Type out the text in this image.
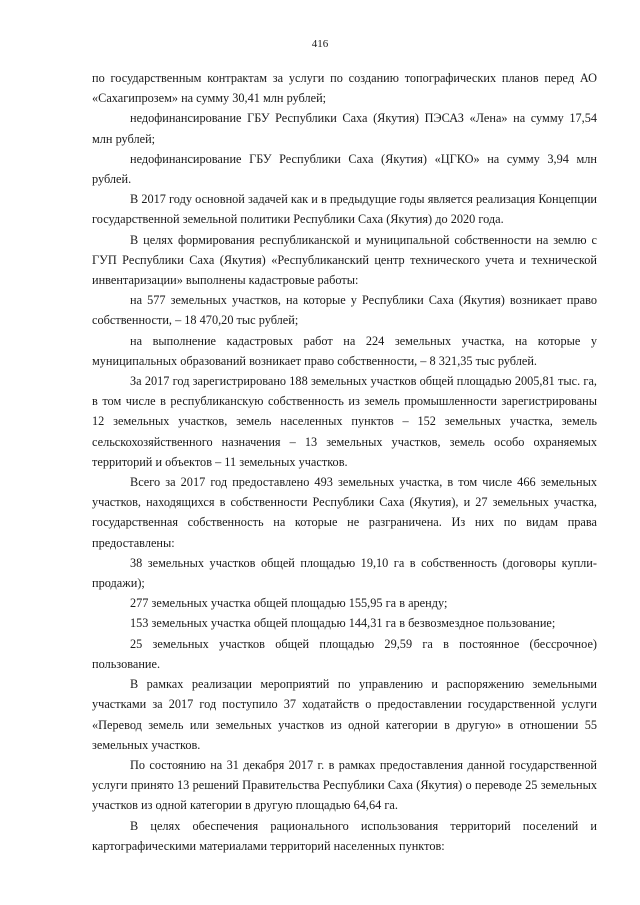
416

по государственным контрактам за услуги по созданию топографических планов перед АО «Сахагипрозем» на сумму 30,41 млн рублей;

недофинансирование ГБУ Республики Саха (Якутия) ПЭСАЗ «Лена» на сумму 17,54 млн рублей;

недофинансирование ГБУ Республики Саха (Якутия) «ЦГКО» на сумму 3,94 млн рублей.

В 2017 году основной задачей как и в предыдущие годы является реализация Концепции государственной земельной политики Республики Саха (Якутия) до 2020 года.

В целях формирования республиканской и муниципальной собственности на землю с ГУП Республики Саха (Якутия) «Республиканский центр технического учета и технической инвентаризации» выполнены кадастровые работы:

на 577 земельных участков, на которые у Республики Саха (Якутия) возникает право собственности, – 18 470,20 тыс рублей;

на выполнение кадастровых работ на 224 земельных участка, на которые у муниципальных образований возникает право собственности, – 8 321,35 тыс рублей.

За 2017 год зарегистрировано 188 земельных участков общей площадью 2005,81 тыс. га, в том числе в республиканскую собственность из земель промышленности зарегистрированы 12 земельных участков, земель населенных пунктов – 152 земельных участка, земель сельскохозяйственного назначения – 13 земельных участков, земель особо охраняемых территорий и объектов – 11 земельных участков.

Всего за 2017 год предоставлено 493 земельных участка, в том числе 466 земельных участков, находящихся в собственности Республики Саха (Якутия), и 27 земельных участка, государственная собственность на которые не разграничена. Из них по видам права предоставлены:

38 земельных участков общей площадью 19,10 га в собственность (договоры купли-продажи);

277 земельных участка общей площадью 155,95 га в аренду;

153 земельных участка общей площадью 144,31 га в безвозмездное пользование;

25 земельных участков общей площадью 29,59 га в постоянное (бессрочное) пользование.

В рамках реализации мероприятий по управлению и распоряжению земельными участками за 2017 год поступило 37 ходатайств о предоставлении государственной услуги «Перевод земель или земельных участков из одной категории в другую» в отношении 55 земельных участков.

По состоянию на 31 декабря 2017 г. в рамках предоставления данной государственной услуги принято 13 решений Правительства Республики Саха (Якутия) о переводе 25 земельных участков из одной категории в другую площадью 64,64 га.

В целях обеспечения рационального использования территорий поселений и картографическими материалами территорий населенных пунктов:
